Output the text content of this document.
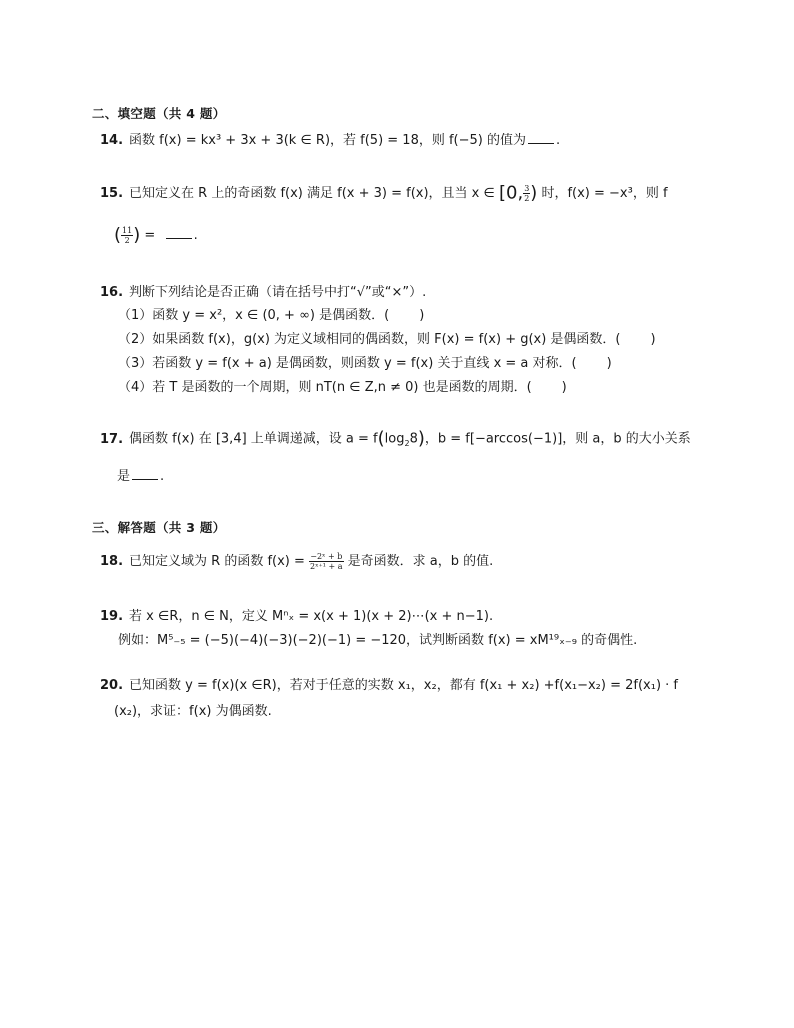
二、填空题（共 4 题）
14. 函数 f(x) = kx³ + 3x + 3(k ∈ R)，若 f(5) = 18，则 f(−5) 的值为 .
15. 已知定义在 R 上的奇函数 f(x) 满足 f(x + 3) = f(x)，且当 x ∈ [0, $\frac{3}{2}$ ) 时，f(x) = −x³，则 f
( $\frac{11}{2}$ ) =	.
16. 判断下列结论是否正确（请在括号中打“√”或“×”）.
（1）函数 y = x²，x ∈ (0, + ∞) 是偶函数．( )
（2）如果函数 f(x)，g(x) 为定义域相同的偶函数，则 F(x) = f(x) + g(x) 是偶函数．( )
（3）若函数 y = f(x + a) 是偶函数，则函数 y = f(x) 关于直线 x = a 对称．( )
（4）若 T 是函数的一个周期，则 nT(n ∈ Z,n ≠ 0) 也是函数的周期．( )
17. 偶函数 f(x) 在 [3,4] 上单调递减，设 $a = f(\log_28)$，b = f[−arccos(−1)]，则 a，b 的大小关系
是 .
三、解答题（共 3 题）
18. 已知定义域为 R 的函数 $f(x) = \frac{\text{−2ˣ + b}}{\text{2ˣ⁺¹ + a}}$ 是奇函数．求 a，b 的值.
19. 若 x ∈R，n ∈ N，定义 Mⁿₓ = x(x + 1)(x + 2)⋯(x + n−1).
例如：M⁵₋₅ = (−5)(−4)(−3)(−2)(−1) = −120，试判断函数 f(x) = xM¹⁹ₓ₋₉ 的奇偶性.
20. 已知函数 y = f(x)(x ∈R)，若对于任意的实数 x₁，x₂，都有 f(x₁ + x₂) +f(x₁−x₂) = 2f(x₁) · f
(x₂)，求证：f(x) 为偶函数.
